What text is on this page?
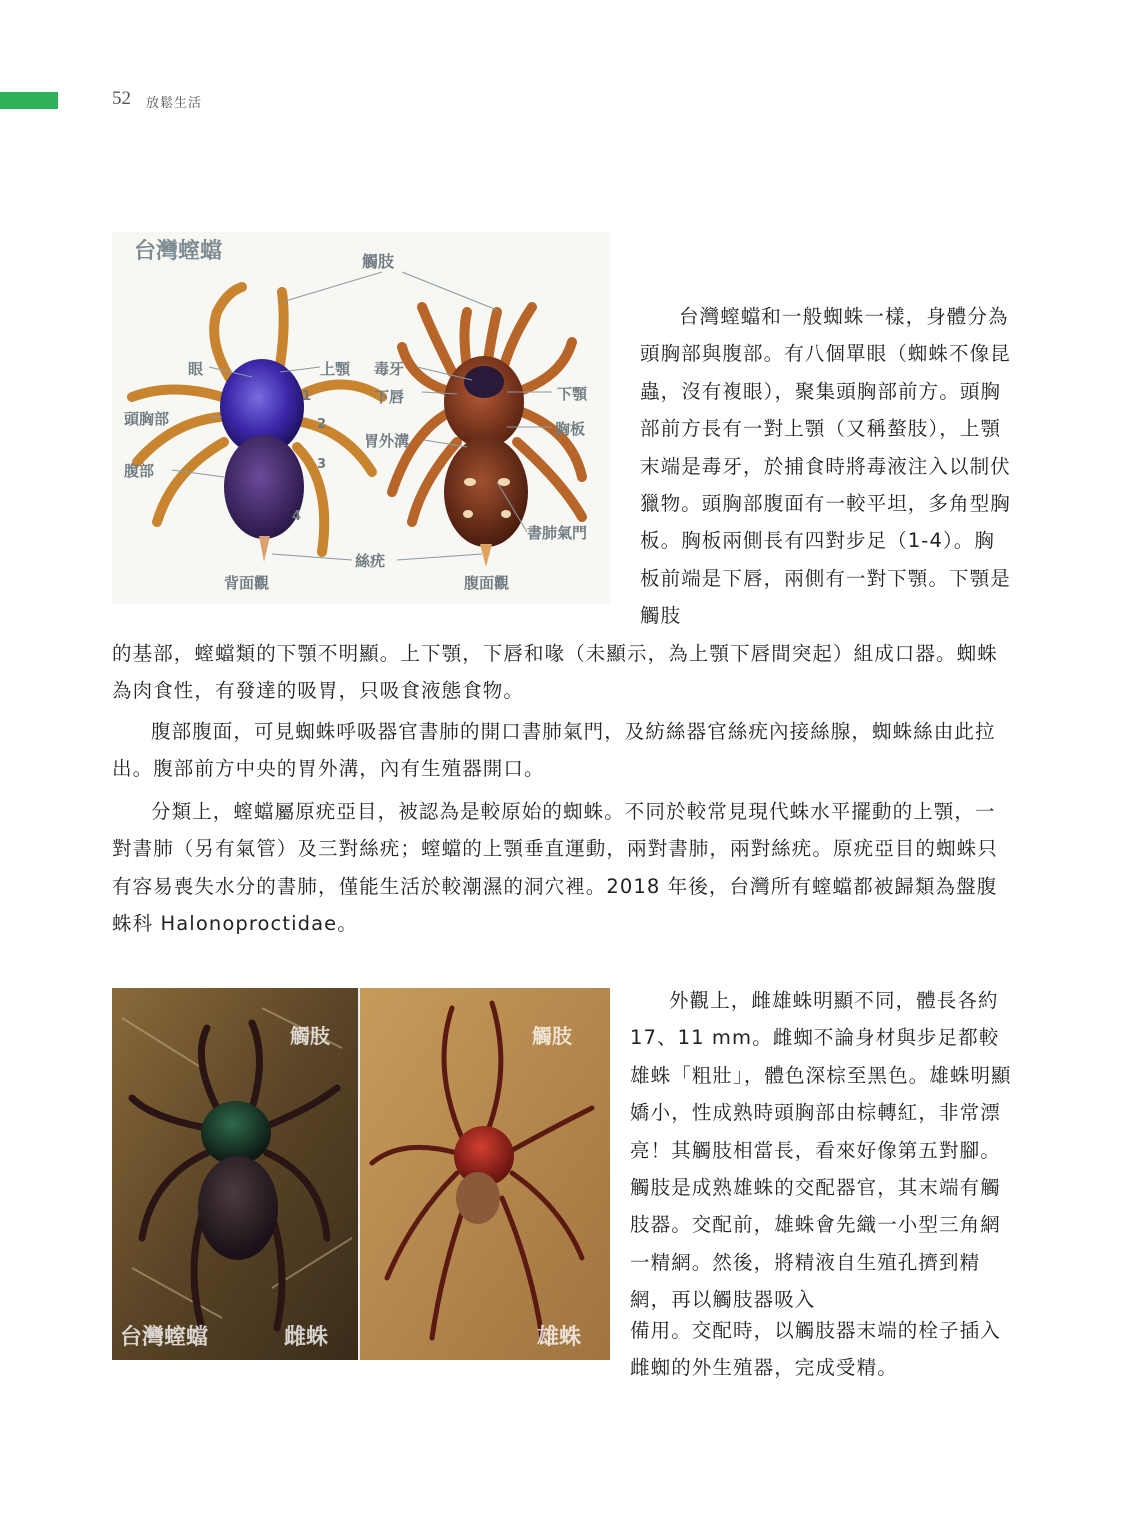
52 放鬆生活
台灣螲蟷	觸肢
眼	上顎 毒牙
下唇	下顎
頭胸部
胸板
胃外溝
腹部
書肺氣門
絲疣
背面觀	腹面觀
1
2
3
4

台灣螲蟷和一般蜘蛛一樣，身體分為頭胸部與腹部。有八個單眼（蜘蛛不像昆蟲，沒有複眼），聚集頭胸部前方。頭胸部前方長有一對上顎（又稱螯肢），上顎末端是毒牙，於捕食時將毒液注入以制伏獵物。頭胸部腹面有一較平坦，多角型胸板。胸板兩側長有四對步足（1-4）。胸板前端是下唇，兩側有一對下顎。下顎是觸肢

的基部，螲蟷類的下顎不明顯。上下顎，下唇和喙（未顯示，為上顎下唇間突起）組成口器。蜘蛛為肉食性，有發達的吸胃，只吸食液態食物。

腹部腹面，可見蜘蛛呼吸器官書肺的開口書肺氣門，及紡絲器官絲疣內接絲腺，蜘蛛絲由此拉出。腹部前方中央的胃外溝，內有生殖器開口。

分類上，螲蟷屬原疣亞目，被認為是較原始的蜘蛛。不同於較常見現代蛛水平擺動的上顎，一對書肺（另有氣管）及三對絲疣；螲蟷的上顎垂直運動，兩對書肺，兩對絲疣。原疣亞目的蜘蛛只有容易喪失水分的書肺，僅能生活於較潮濕的洞穴裡。2018 年後，台灣所有螲蟷都被歸類為盤腹蛛科 Halonoproctidae。

觸肢	觸肢
台灣螲蟷	雌蛛	雄蛛

外觀上，雌雄蛛明顯不同，體長各約 17、11 mm。雌蜘不論身材與步足都較雄蛛「粗壯」，體色深棕至黑色。雄蛛明顯嬌小，性成熟時頭胸部由棕轉紅，非常漂亮！其觸肢相當長，看來好像第五對腳。觸肢是成熟雄蛛的交配器官，其末端有觸肢器。交配前，雄蛛會先織一小型三角網一精網。然後，將精液自生殖孔擠到精網，再以觸肢器吸入

備用。交配時，以觸肢器末端的栓子插入雌蜘的外生殖器，完成受精。
